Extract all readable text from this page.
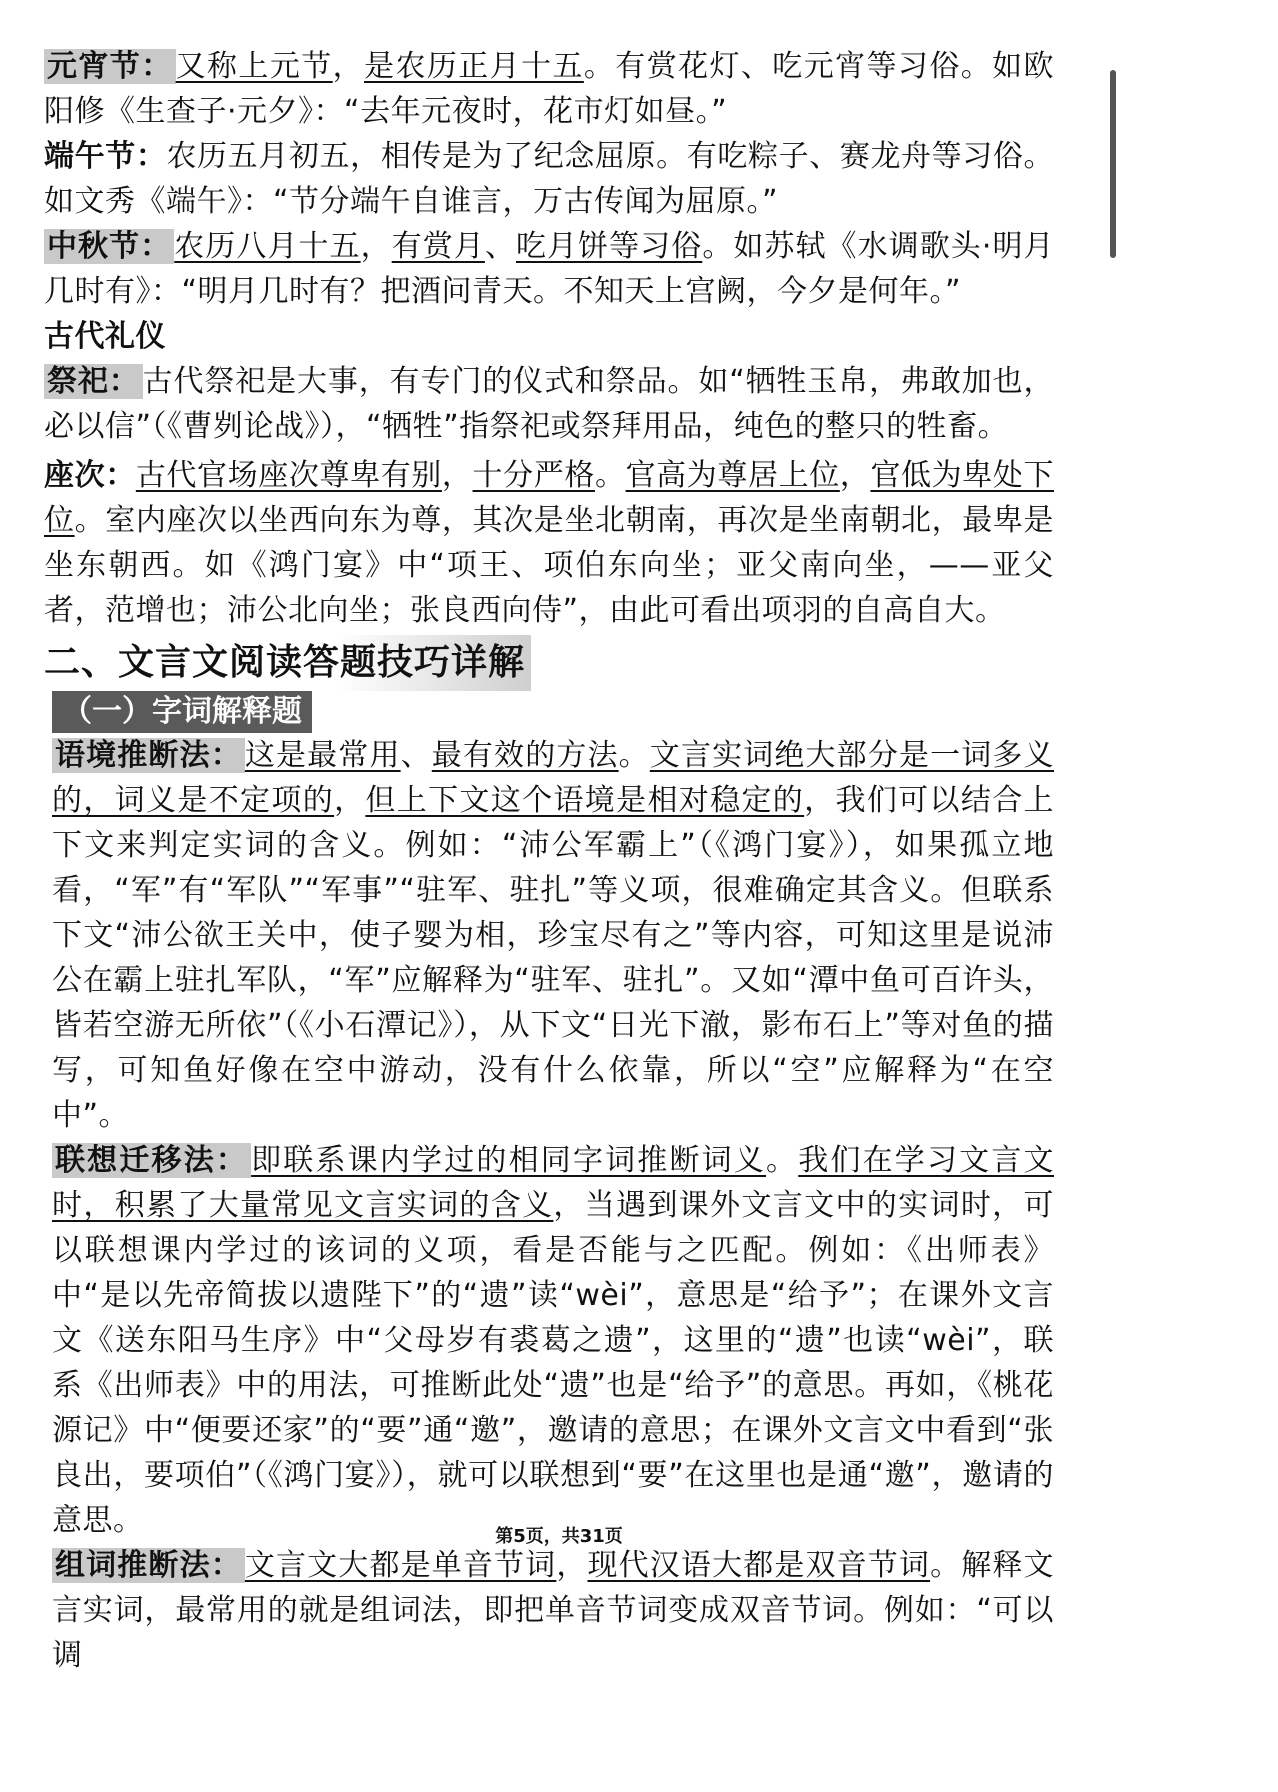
元宵节： 又称上元节，是农历正月十五。有赏花灯、吃元宵等习俗。如欧阳修《生查子·元夕》：“去年元夜时，花市灯如昼。”

端午节：农历五月初五，相传是为了纪念屈原。有吃粽子、赛龙舟等习俗。如文秀《端午》：“节分端午自谁言，万古传闻为屈原。”

中秋节： 农历八月十五，有赏月、吃月饼等习俗。如苏轼《水调歌头·明月几时有》：“明月几时有？把酒问青天。不知天上宫阙，今夕是何年。”

古代礼仪

祭祀： 古代祭祀是大事，有专门的仪式和祭品。如“牺牲玉帛，弗敢加也，必以信”（《曹刿论战》），“牺牲”指祭祀或祭拜用品，纯色的整只的牲畜。

座次：古代官场座次尊卑有别，十分严格。官高为尊居上位，官低为卑处下位。室内座次以坐西向东为尊，其次是坐北朝南，再次是坐南朝北，最卑是坐东朝西。如《鸿门宴》中“项王、项伯东向坐；亚父南向坐，——亚父者，范增也；沛公北向坐；张良西向侍”，由此可看出项羽的自高自大。

二、文言文阅读答题技巧详解
（一）字词解释题

语境推断法： 这是最常用、最有效的方法。文言实词绝大部分是一词多义的，词义是不定项的，但上下文这个语境是相对稳定的，我们可以结合上下文来判定实词的含义。例如：“沛公军霸上”（《鸿门宴》），如果孤立地看，“军”有“军队”“军事”“驻军、驻扎”等义项，很难确定其含义。但联系下文“沛公欲王关中，使子婴为相，珍宝尽有之”等内容，可知这里是说沛公在霸上驻扎军队，“军”应解释为“驻军、驻扎”。又如“潭中鱼可百许头，皆若空游无所依”（《小石潭记》），从下文“日光下澈，影布石上”等对鱼的描写，可知鱼好像在空中游动，没有什么依靠，所以“空”应解释为“在空中”。

联想迁移法： 即联系课内学过的相同字词推断词义。我们在学习文言文时，积累了大量常见文言实词的含义，当遇到课外文言文中的实词时，可以联想课内学过的该词的义项，看是否能与之匹配。例如：《出师表》中“是以先帝简拔以遗陛下”的“遗”读“wèi”，意思是“给予”；在课外文言文《送东阳马生序》中“父母岁有裘葛之遗”，这里的“遗”也读“wèi”，联系《出师表》中的用法，可推断此处“遗”也是“给予”的意思。再如，《桃花源记》中“便要还家”的“要”通“邀”，邀请的意思；在课外文言文中看到“张良出，要项伯”（《鸿门宴》），就可以联想到“要”在这里也是通“邀”，邀请的意思。

组词推断法： 文言文大都是单音节词，现代汉语大都是双音节词。解释文言实词，最常用的就是组词法，即把单音节词变成双音节词。例如：“可以调

第5页，共31页
